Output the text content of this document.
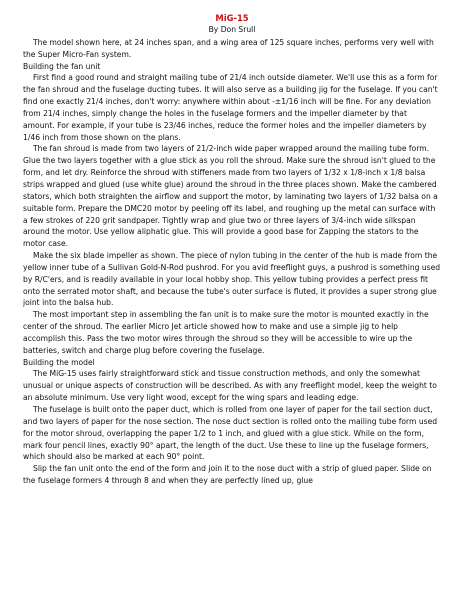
MiG-15
By Don Srull

The model shown here, at 24 inches span, and a wing area of 125 square inches, performs very well with the Super Micro-Fan system.

Building the fan unit

First find a good round and straight mailing tube of 21/4 inch outside diameter. We'll use this as a form for the fan shroud and the fuselage ducting tubes. It will also serve as a building jig for the fuselage. If you can't find one exactly 21/4 inches, don't worry: anywhere within about -±1/16 inch will be fine. For any deviation from 21/4 inches, simply change the holes in the fuselage formers and the impeller diameter by that amount. For example, if your tube is 23/46 inches, reduce the former holes and the impeller diameters by 1/46 inch from those shown on the plans.

The fan shroud is made from two layers of 21/2-inch wide paper wrapped around the mailing tube form. Glue the two layers together with a glue stick as you roll the shroud. Make sure the shroud isn't glued to the form, and let dry. Reinforce the shroud with stiffeners made from two layers of 1/32 x 1/8-inch x 1/8 balsa strips wrapped and glued (use white glue) around the shroud in the three places shown. Make the cambered stators, which both straighten the airflow and support the motor, by laminating two layers of 1/32 balsa on a suitable form. Prepare the DMC20 motor by peeling off its label, and roughing up the metal can surface with a few strokes of 220 grit sandpaper. Tightly wrap and glue two or three layers of 3/4-inch wide silkspan around the motor. Use yellow aliphatic glue. This will provide a good base for Zapping the stators to the motor case.

Make the six blade impeller as shown. The piece of nylon tubing in the center of the hub is made from the yellow inner tube of a Sullivan Gold-N-Rod pushrod. For you avid freeflight guys, a pushrod is something used by R/C'ers, and is readily available in your local hobby shop. This yellow tubing provides a perfect press fit onto the serrated motor shaft, and because the tube's outer surface is fluted, it provides a super strong glue joint into the balsa hub.

The most important step in assembling the fan unit is to make sure the motor is mounted exactly in the center of the shroud. The earlier Micro Jet article showed how to make and use a simple jig to help accomplish this. Pass the two motor wires through the shroud so they will be accessible to wire up the batteries, switch and charge plug before covering the fuselage.

Building the model

The MiG-15 uses fairly straightforward stick and tissue construction methods, and only the somewhat unusual or unique aspects of construction will be described. As with any freeflight model, keep the weight to an absolute minimum. Use very light wood, except for the wing spars and leading edge.

The fuselage is built onto the paper duct, which is rolled from one layer of paper for the tail section duct, and two layers of paper for the nose section. The nose duct section is rolled onto the mailing tube form used for the motor shroud, overlapping the paper 1/2 to 1 inch, and glued with a glue stick. While on the form, mark four pencil lines, exactly 90° apart, the length of the duct. Use these to line up the fuselage formers, which should also be marked at each 90° point.

Slip the fan unit onto the end of the form and join it to the nose duct with a strip of glued paper. Slide on the fuselage formers 4 through 8 and when they are perfectly lined up, glue
